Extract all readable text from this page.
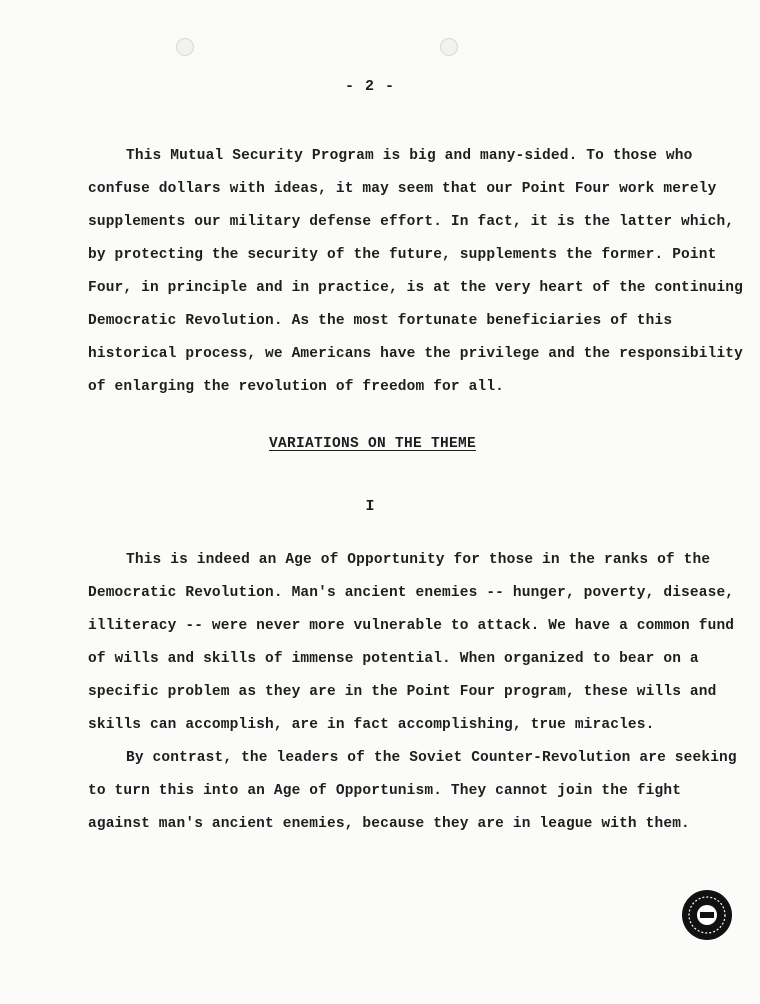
- 2 -
This Mutual Security Program is big and many-sided. To those who
confuse dollars with ideas, it may seem that our Point Four work merely
supplements our military defense effort. In fact, it is the latter which,
by protecting the security of the future, supplements the former. Point
Four, in principle and in practice, is at the very heart of the continuing
Democratic Revolution. As the most fortunate beneficiaries of this
historical process, we Americans have the privilege and the responsibility
of enlarging the revolution of freedom for all.
VARIATIONS ON THE THEME
I
This is indeed an Age of Opportunity for those in the ranks of the
Democratic Revolution. Man's ancient enemies -- hunger, poverty, disease,
illiteracy -- were never more vulnerable to attack. We have a common fund
of wills and skills of immense potential. When organized to bear on a
specific problem as they are in the Point Four program, these wills and
skills can accomplish, are in fact accomplishing, true miracles.
By contrast, the leaders of the Soviet Counter-Revolution are seeking
to turn this into an Age of Opportunism. They cannot join the fight
against man's ancient enemies, because they are in league with them.
